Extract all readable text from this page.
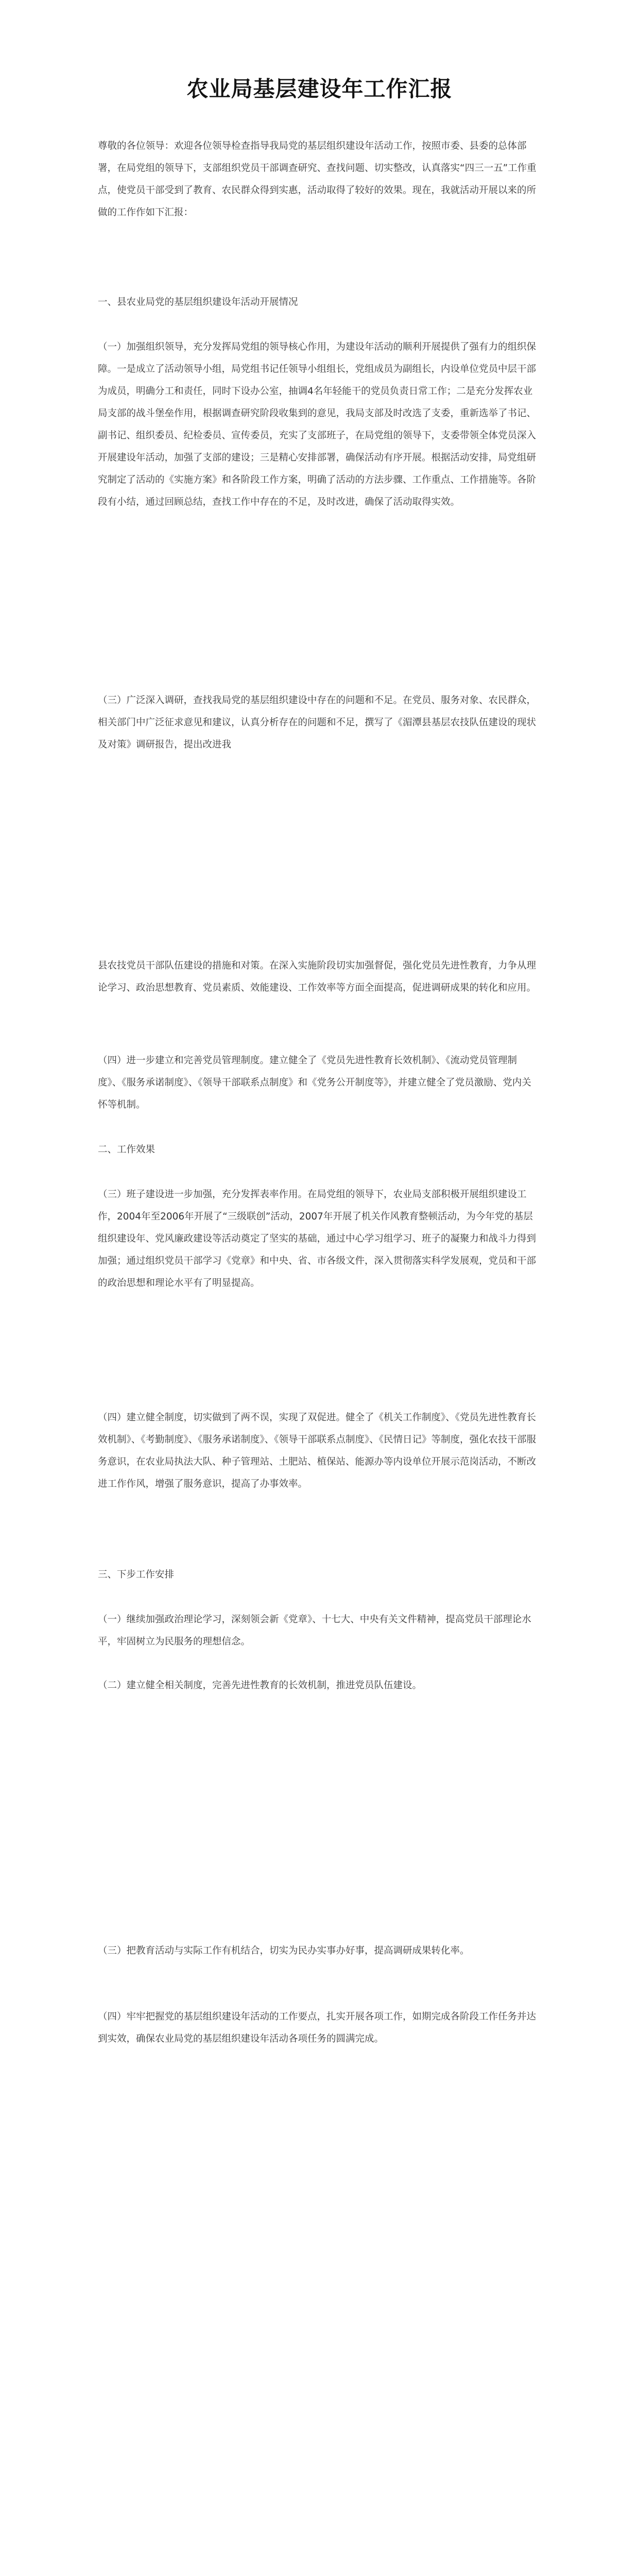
农业局基层建设年工作汇报

尊敬的各位领导：欢迎各位领导检查指导我局党的基层组织建设年活动工作，按照市委、县委的总体部署，在局党组的领导下，支部组织党员干部调查研究、查找问题、切实整改，认真落实“四三一五”工作重点，使党员干部受到了教育、农民群众得到实惠，活动取得了较好的效果。现在，我就活动开展以来的所做的工作作如下汇报：

一、县农业局党的基层组织建设年活动开展情况

（一）加强组织领导，充分发挥局党组的领导核心作用，为建设年活动的顺利开展提供了强有力的组织保障。一是成立了活动领导小组，局党组书记任领导小组组长，党组成员为副组长，内设单位党员中层干部为成员，明确分工和责任，同时下设办公室，抽调4名年轻能干的党员负责日常工作；二是充分发挥农业局支部的战斗堡垒作用，根据调查研究阶段收集到的意见，我局支部及时改选了支委，重新选举了书记、副书记、组织委员、纪检委员、宣传委员，充实了支部班子，在局党组的领导下，支委带领全体党员深入开展建设年活动，加强了支部的建设；三是精心安排部署，确保活动有序开展。根据活动安排，局党组研究制定了活动的《实施方案》和各阶段工作方案，明确了活动的方法步骤、工作重点、工作措施等。各阶段有小结，通过回顾总结，查找工作中存在的不足，及时改进，确保了活动取得实效。

（三）广泛深入调研，查找我局党的基层组织建设中存在的问题和不足。在党员、服务对象、农民群众，相关部门中广泛征求意见和建议，认真分析存在的问题和不足，撰写了《湄潭县基层农技队伍建设的现状及对策》调研报告，提出改进我

县农技党员干部队伍建设的措施和对策。在深入实施阶段切实加强督促，强化党员先进性教育，力争从理论学习、政治思想教育、党员素质、效能建设、工作效率等方面全面提高，促进调研成果的转化和应用。

（四）进一步建立和完善党员管理制度。建立健全了《党员先进性教育长效机制》、《流动党员管理制度》、《服务承诺制度》、《领导干部联系点制度》和《党务公开制度等》，并建立健全了党员激励、党内关怀等机制。

二、工作效果

（三）班子建设进一步加强，充分发挥表率作用。在局党组的领导下，农业局支部积极开展组织建设工作，2004年至2006年开展了“三级联创”活动，2007年开展了机关作风教育整顿活动，为今年党的基层组织建设年、党风廉政建设等活动奠定了坚实的基础，通过中心学习组学习、班子的凝聚力和战斗力得到加强；通过组织党员干部学习《党章》和中央、省、市各级文件，深入贯彻落实科学发展观，党员和干部的政治思想和理论水平有了明显提高。

（四）建立健全制度，切实做到了两不误，实现了双促进。健全了《机关工作制度》、《党员先进性教育长效机制》、《考勤制度》、《服务承诺制度》、《领导干部联系点制度》、《民情日记》等制度，强化农技干部服务意识，在农业局执法大队、种子管理站、土肥站、植保站、能源办等内设单位开展示范岗活动，不断改进工作作风，增强了服务意识，提高了办事效率。

三、下步工作安排

（一）继续加强政治理论学习，深刻领会新《党章》、十七大、中央有关文件精神，提高党员干部理论水平，牢固树立为民服务的理想信念。

（二）建立健全相关制度，完善先进性教育的长效机制，推进党员队伍建设。

（三）把教育活动与实际工作有机结合，切实为民办实事办好事，提高调研成果转化率。

（四）牢牢把握党的基层组织建设年活动的工作要点，扎实开展各项工作，如期完成各阶段工作任务并达到实效，确保农业局党的基层组织建设年活动各项任务的圆满完成。
